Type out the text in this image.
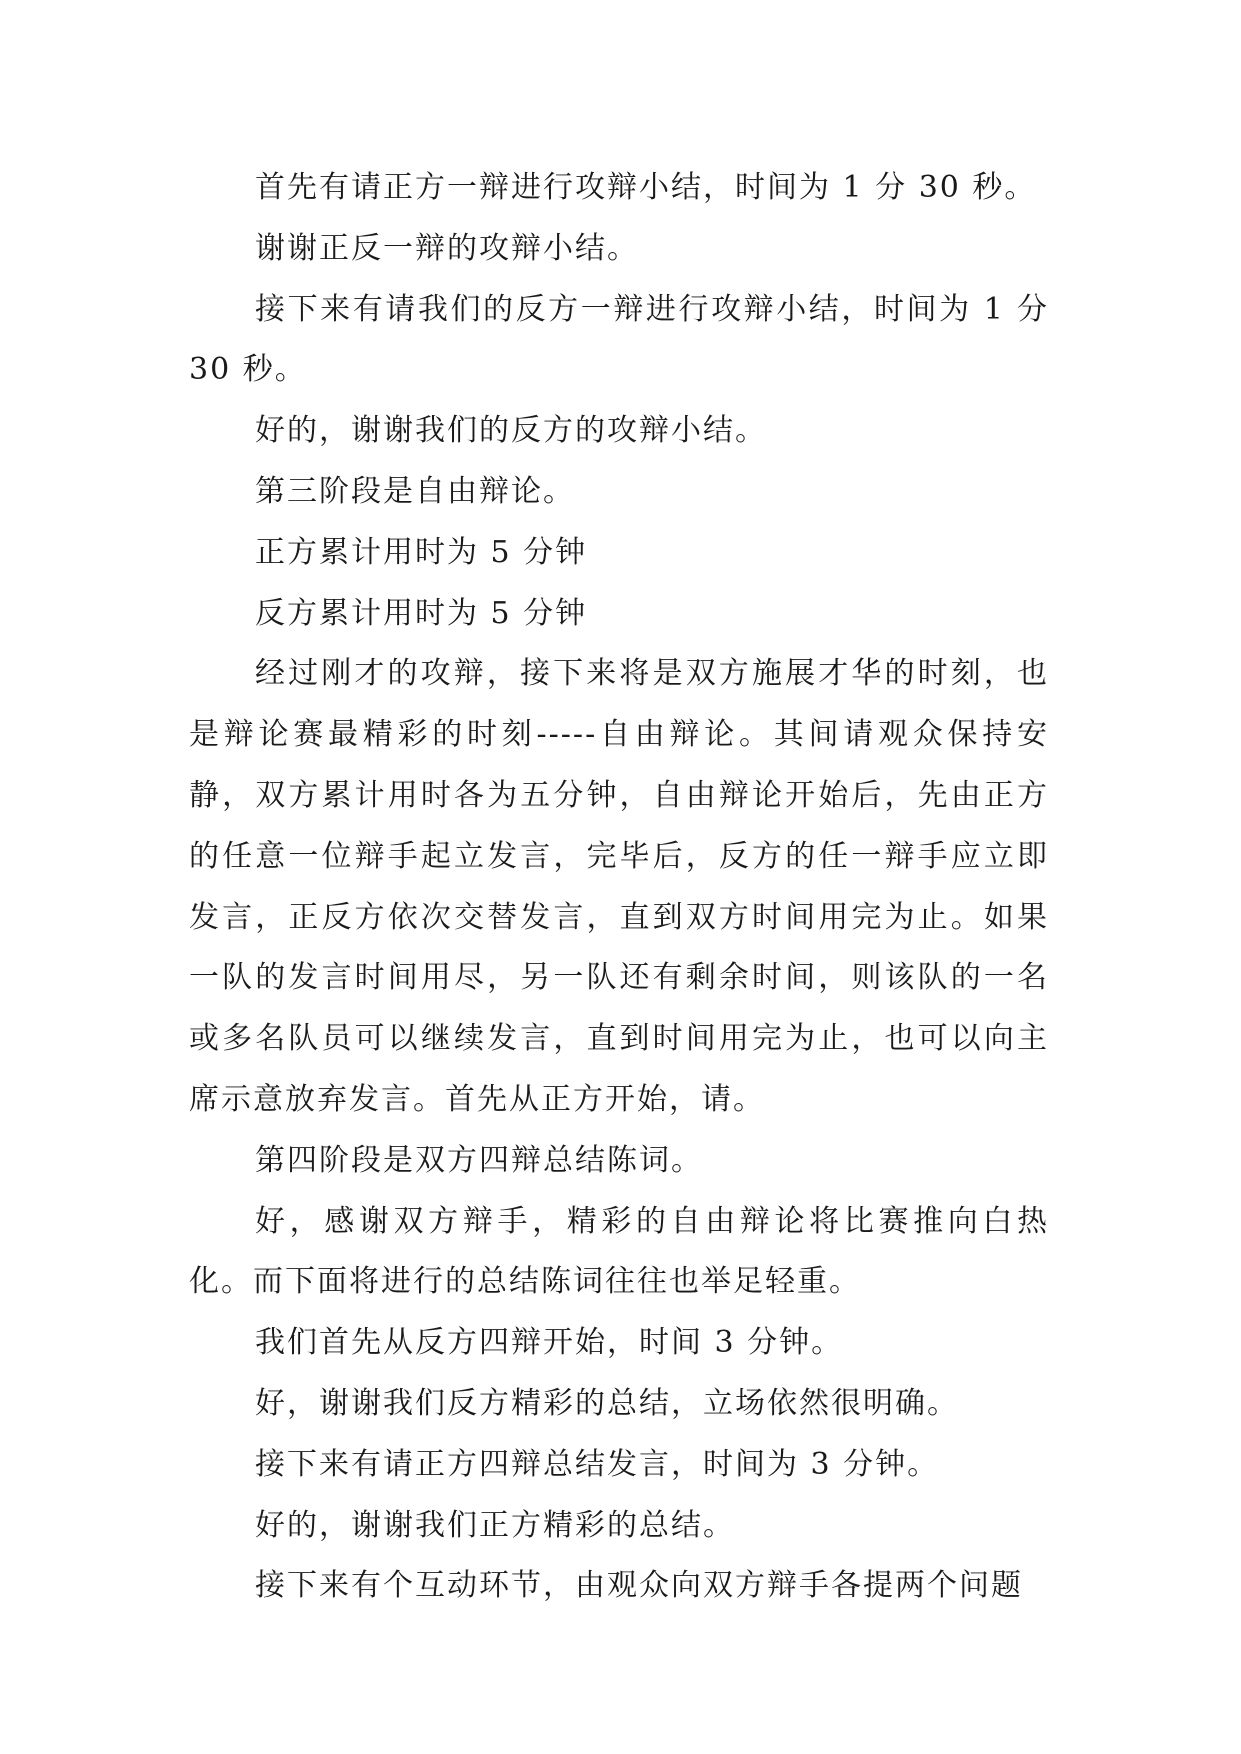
首先有请正方一辩进行攻辩小结，时间为 1 分 30 秒。

谢谢正反一辩的攻辩小结。

接下来有请我们的反方一辩进行攻辩小结，时间为 1 分 30 秒。

好的，谢谢我们的反方的攻辩小结。

第三阶段是自由辩论。

正方累计用时为 5 分钟

反方累计用时为 5 分钟

经过刚才的攻辩，接下来将是双方施展才华的时刻，也是辩论赛最精彩的时刻-----自由辩论。其间请观众保持安静，双方累计用时各为五分钟，自由辩论开始后，先由正方的任意一位辩手起立发言，完毕后，反方的任一辩手应立即发言，正反方依次交替发言，直到双方时间用完为止。如果一队的发言时间用尽，另一队还有剩余时间，则该队的一名或多名队员可以继续发言，直到时间用完为止，也可以向主席示意放弃发言。首先从正方开始，请。

第四阶段是双方四辩总结陈词。

好，感谢双方辩手，精彩的自由辩论将比赛推向白热化。而下面将进行的总结陈词往往也举足轻重。

我们首先从反方四辩开始，时间 3 分钟。

好，谢谢我们反方精彩的总结，立场依然很明确。

接下来有请正方四辩总结发言，时间为 3 分钟。

好的，谢谢我们正方精彩的总结。

接下来有个互动环节，由观众向双方辩手各提两个问题
